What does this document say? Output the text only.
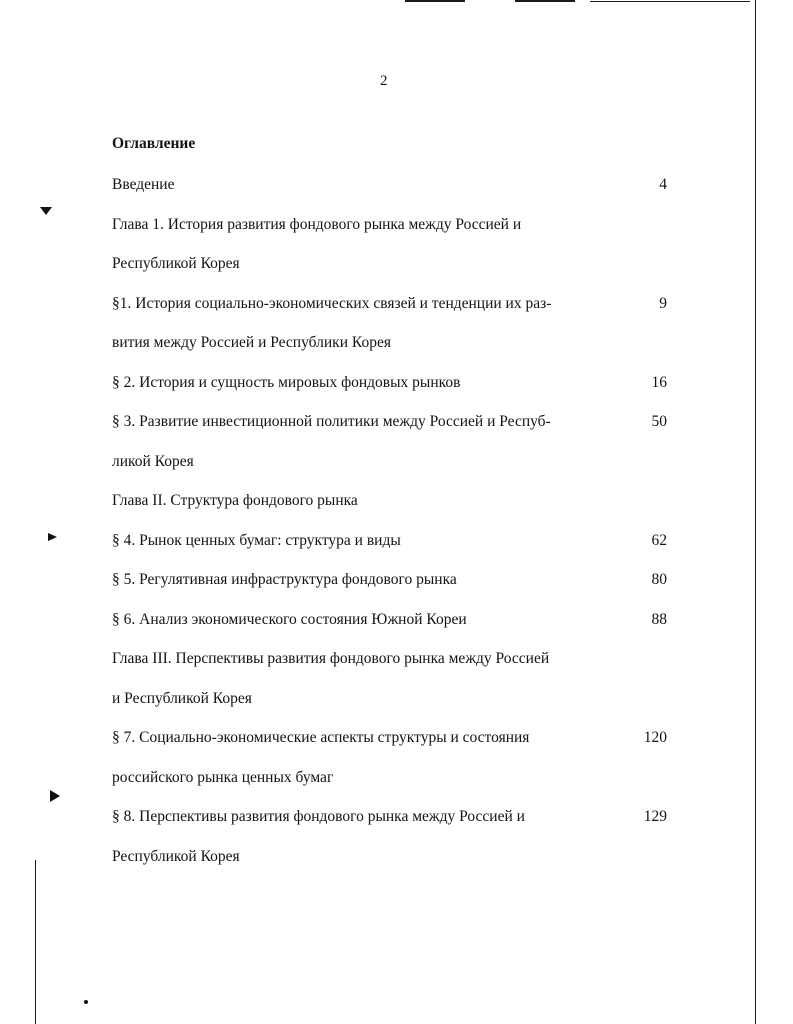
2
Оглавление
Введение	4
Глава 1. История развития фондового рынка между Россией и
Республикой Корея
§1. История социально-экономических связей и тенденции их раз-	9
вития между Россией и Республики Корея
§ 2. История и сущность мировых фондовых рынков	16
§ 3. Развитие инвестиционной политики между Россией и Респуб-	50
ликой Корея
Глава II. Структура фондового рынка
§ 4. Рынок ценных бумаг: структура и виды	62
§ 5. Регулятивная инфраструктура фондового рынка	80
§ 6. Анализ экономического состояния Южной Кореи	88
Глава III. Перспективы развития фондового рынка между Россией
и Республикой Корея
§ 7. Социально-экономические аспекты структуры и состояния	120
российского рынка ценных бумаг
§ 8. Перспективы развития фондового рынка между Россией и	129
Республикой Корея
